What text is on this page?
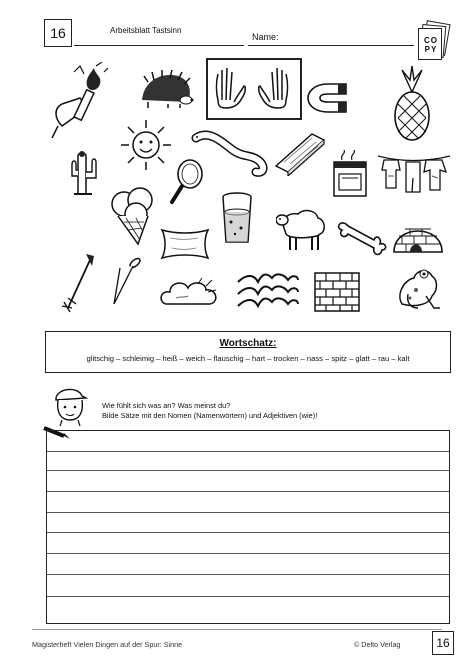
16	Arbeitsblatt Tastsinn
Name:	CO
PY
Wortschatz:
glitschig – schleimig – heiß – weich – flauschig – hart – trocken – nass – spitz – glatt – rau – kalt
Wie fühlt sich was an? Was meinst du?
Bilde Sätze mit den Nomen (Namenwörtern) und Adjektiven (wie)!
Magisterheft Vielen Dingen auf der Spur: Sinne	© Delto Verlag	16
